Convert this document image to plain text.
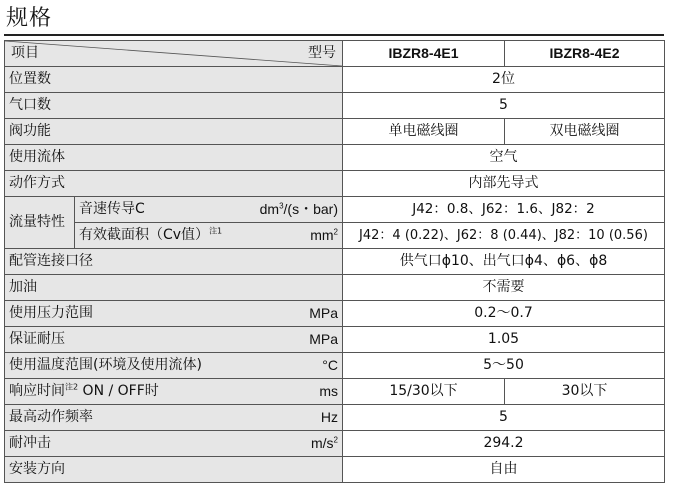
规格
项目 型号		IBZR8-4E1	IBZR8-4E2
位置数		2位	
气口数		5	
阀功能		单电磁线圈	双电磁线圈
使用流体		空气	
动作方式		内部先导式	
流量特性	音速传导C $dm^3/(s$・bar)	J42：0.8、J62：1.6、J82：2	

	有效截面积（Cv值）$^{注1}$ $mm^2$	J42：4 (0.22)、J62：8 (0.44)、J82：10 (0.56)	
配管连接口径		供气口ϕ10、出气口ϕ4、ϕ6、ϕ8	
加油		不需要	

使用压力范围 MPa		0.2～0.7	

保证耐压 MPa		1.05	

使用温度范围(环境及使用流体) °C		5～50	

响应时间$^{注2}$ ON / OFF时 ms		15/30以下	30以下

最高动作频率 Hz		5	

耐冲击 $m/s^2$		294.2	
安装方向		自由	
